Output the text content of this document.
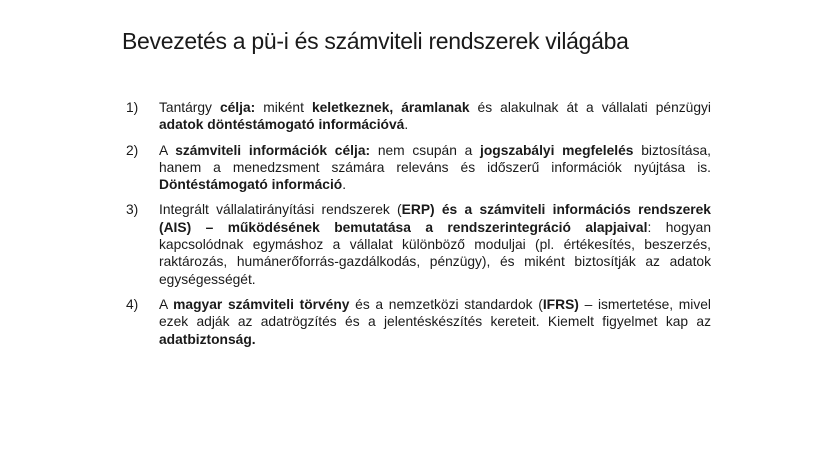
Bevezetés a pü-i és számviteli rendszerek világába
1)	Tantárgy célja: miként keletkeznek, áramlanak és alakulnak át a vállalati pénzügyi adatok döntéstámogató információvá.
2)	A számviteli információk célja: nem csupán a jogszabályi megfelelés biztosítása, hanem a menedzsment számára releváns és időszerű információk nyújtása is. Döntéstámogató információ.
3)	Integrált vállalatirányítási rendszerek (ERP) és a számviteli információs rendszerek (AIS) – működésének bemutatása a rendszerintegráció alapjaival: hogyan kapcsolódnak egymáshoz a vállalat különböző moduljai (pl. értékesítés, beszerzés, raktározás, humánerőforrás-gazdálkodás, pénzügy), és miként biztosítják az adatok egységességét.
4)	A magyar számviteli törvény és a nemzetközi standardok (IFRS) – ismertetése, mivel ezek adják az adatrögzítés és a jelentéskészítés kereteit. Kiemelt figyelmet kap az adatbiztonság.
